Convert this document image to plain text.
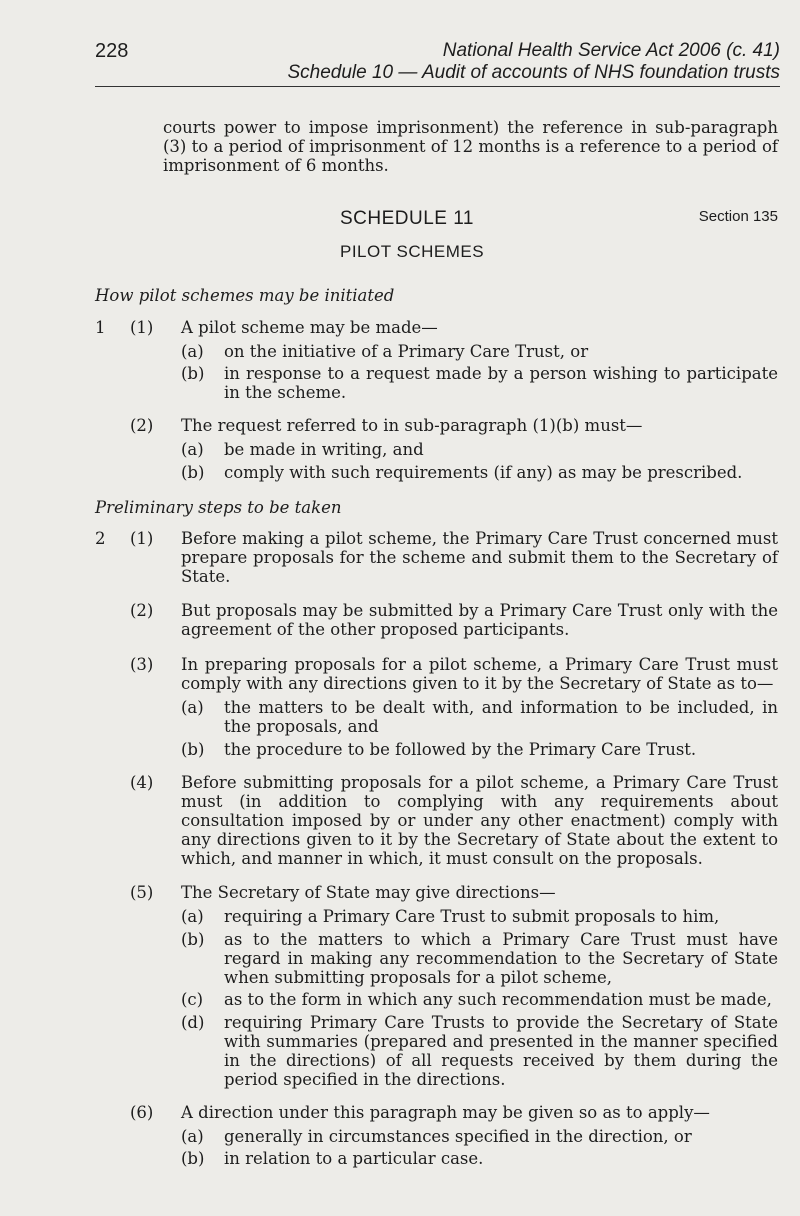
228	National Health Service Act 2006 (c. 41)
Schedule 10 — Audit of accounts of NHS foundation trusts
courts power to impose imprisonment) the reference in sub-paragraph (3) to a period of imprisonment of 12 months is a reference to a period of imprisonment of 6 months.
SCHEDULE 11	Section 135
PILOT SCHEMES
How pilot schemes may be initiated
1 (1) A pilot scheme may be made—
(a) on the initiative of a Primary Care Trust, or
(b) in response to a request made by a person wishing to participate in the scheme.
(2) The request referred to in sub-paragraph (1)(b) must—
(a) be made in writing, and
(b) comply with such requirements (if any) as may be prescribed.
Preliminary steps to be taken
2 (1) Before making a pilot scheme, the Primary Care Trust concerned must prepare proposals for the scheme and submit them to the Secretary of State.
(2) But proposals may be submitted by a Primary Care Trust only with the agreement of the other proposed participants.
(3) In preparing proposals for a pilot scheme, a Primary Care Trust must comply with any directions given to it by the Secretary of State as to—
(a) the matters to be dealt with, and information to be included, in the proposals, and
(b) the procedure to be followed by the Primary Care Trust.
(4) Before submitting proposals for a pilot scheme, a Primary Care Trust must (in addition to complying with any requirements about consultation imposed by or under any other enactment) comply with any directions given to it by the Secretary of State about the extent to which, and manner in which, it must consult on the proposals.
(5) The Secretary of State may give directions—
(a) requiring a Primary Care Trust to submit proposals to him,
(b) as to the matters to which a Primary Care Trust must have regard in making any recommendation to the Secretary of State when submitting proposals for a pilot scheme,
(c) as to the form in which any such recommendation must be made,
(d) requiring Primary Care Trusts to provide the Secretary of State with summaries (prepared and presented in the manner specified in the directions) of all requests received by them during the period specified in the directions.
(6) A direction under this paragraph may be given so as to apply—
(a) generally in circumstances specified in the direction, or
(b) in relation to a particular case.
